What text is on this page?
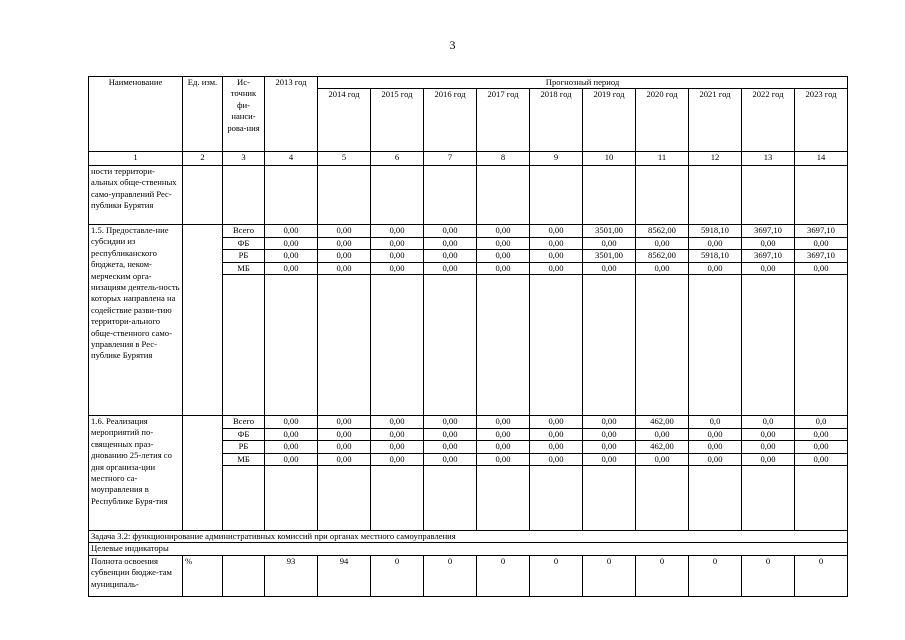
3
Наименование	Ед. изм.	Ис-точник фи-нанси-рова-ния	2013 год	Прогнозный период									
				2014 год	2015 год	2016 год	2017 год	2018 год	2019 год	2020 год	2021 год	2022 год	2023 год
1	2	3	4	5	6	7	8	9	10	11	12	13	14
ности территори-альных обще-ственных само-управлений Рес-публики Бурятия													
1.5. Предоставле-ние субсидии из республиканского бюджета, неком-мерческим орга-низациям деятель-ность которых направлена на содействие разви-тию территори-ального обще-ственного само-управления в Рес-публике Бурятия		Всего	0,00	0,00	0,00	0,00	0,00	0,00	3501,00	8562,00	5918,10	3697,10	3697,10
		ФБ	0,00	0,00	0,00	0,00	0,00	0,00	0,00	0,00	0,00	0,00	0,00
		РБ	0,00	0,00	0,00	0,00	0,00	0,00	3501,00	8562,00	5918,10	3697,10	3697,10
		МБ	0,00	0,00	0,00	0,00	0,00	0,00	0,00	0,00	0,00	0,00	0,00

1.6. Реализация мероприятий по-священных праз-днованию 25-летия со дня организа-ции местного са-моуправления в Республике Буря-тия		Всего	0,00	0,00	0,00	0,00	0,00	0,00	0,00	462,00	0,0	0,0	0,0
		ФБ	0,00	0,00	0,00	0,00	0,00	0,00	0,00	0,00	0,00	0,00	0,00
		РБ	0,00	0,00	0,00	0,00	0,00	0,00	0,00	462,00	0,00	0,00	0,00
		МБ	0,00	0,00	0,00	0,00	0,00	0,00	0,00	0,00	0,00	0,00	0,00

Задача 3.2: функционирование административных комиссий при органах местного самоуправления													
Целевые индикаторы													
Полнота освоения субвенции бюдже-там муниципаль-	%		93	94	0	0	0	0	0	0	0	0	0
